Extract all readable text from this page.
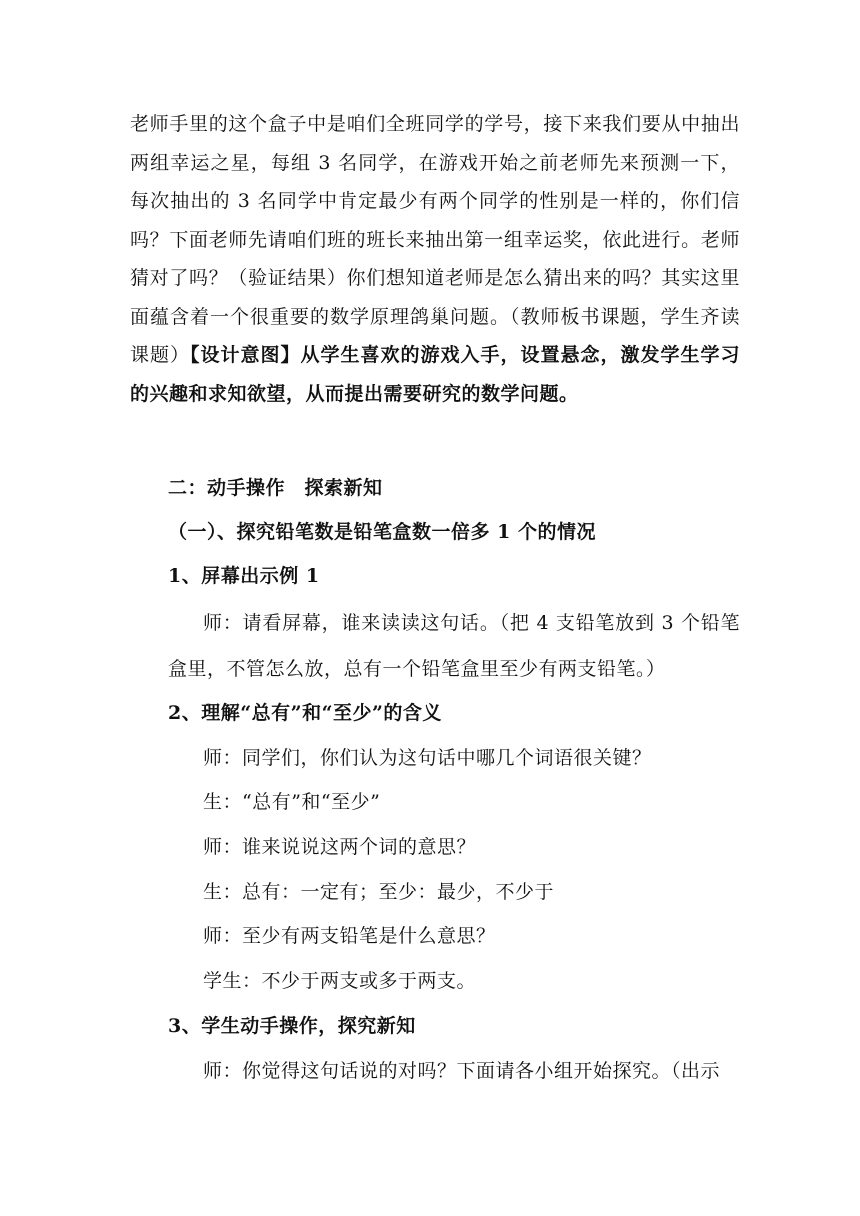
老师手里的这个盒子中是咱们全班同学的学号，接下来我们要从中抽出两组幸运之星，每组 3 名同学，在游戏开始之前老师先来预测一下，每次抽出的 3 名同学中肯定最少有两个同学的性别是一样的，你们信吗？下面老师先请咱们班的班长来抽出第一组幸运奖，依此进行。老师猜对了吗？（验证结果）你们想知道老师是怎么猜出来的吗？其实这里面蕴含着一个很重要的数学原理鸽巢问题。（教师板书课题，学生齐读课题）【设计意图】从学生喜欢的游戏入手，设置悬念，激发学生学习的兴趣和求知欲望，从而提出需要研究的数学问题。

二：动手操作　探索新知

（一）、探究铅笔数是铅笔盒数一倍多 1 个的情况

1、屏幕出示例 1

师：请看屏幕，谁来读读这句话。（把 4 支铅笔放到 3 个铅笔盒里，不管怎么放，总有一个铅笔盒里至少有两支铅笔。）

2、理解“总有”和“至少”的含义

师：同学们，你们认为这句话中哪几个词语很关键？

生：“总有”和“至少”

师：谁来说说这两个词的意思？

生：总有：一定有；至少：最少，不少于

师：至少有两支铅笔是什么意思？

学生：不少于两支或多于两支。

3、学生动手操作，探究新知

师：你觉得这句话说的对吗？下面请各小组开始探究。（出示
